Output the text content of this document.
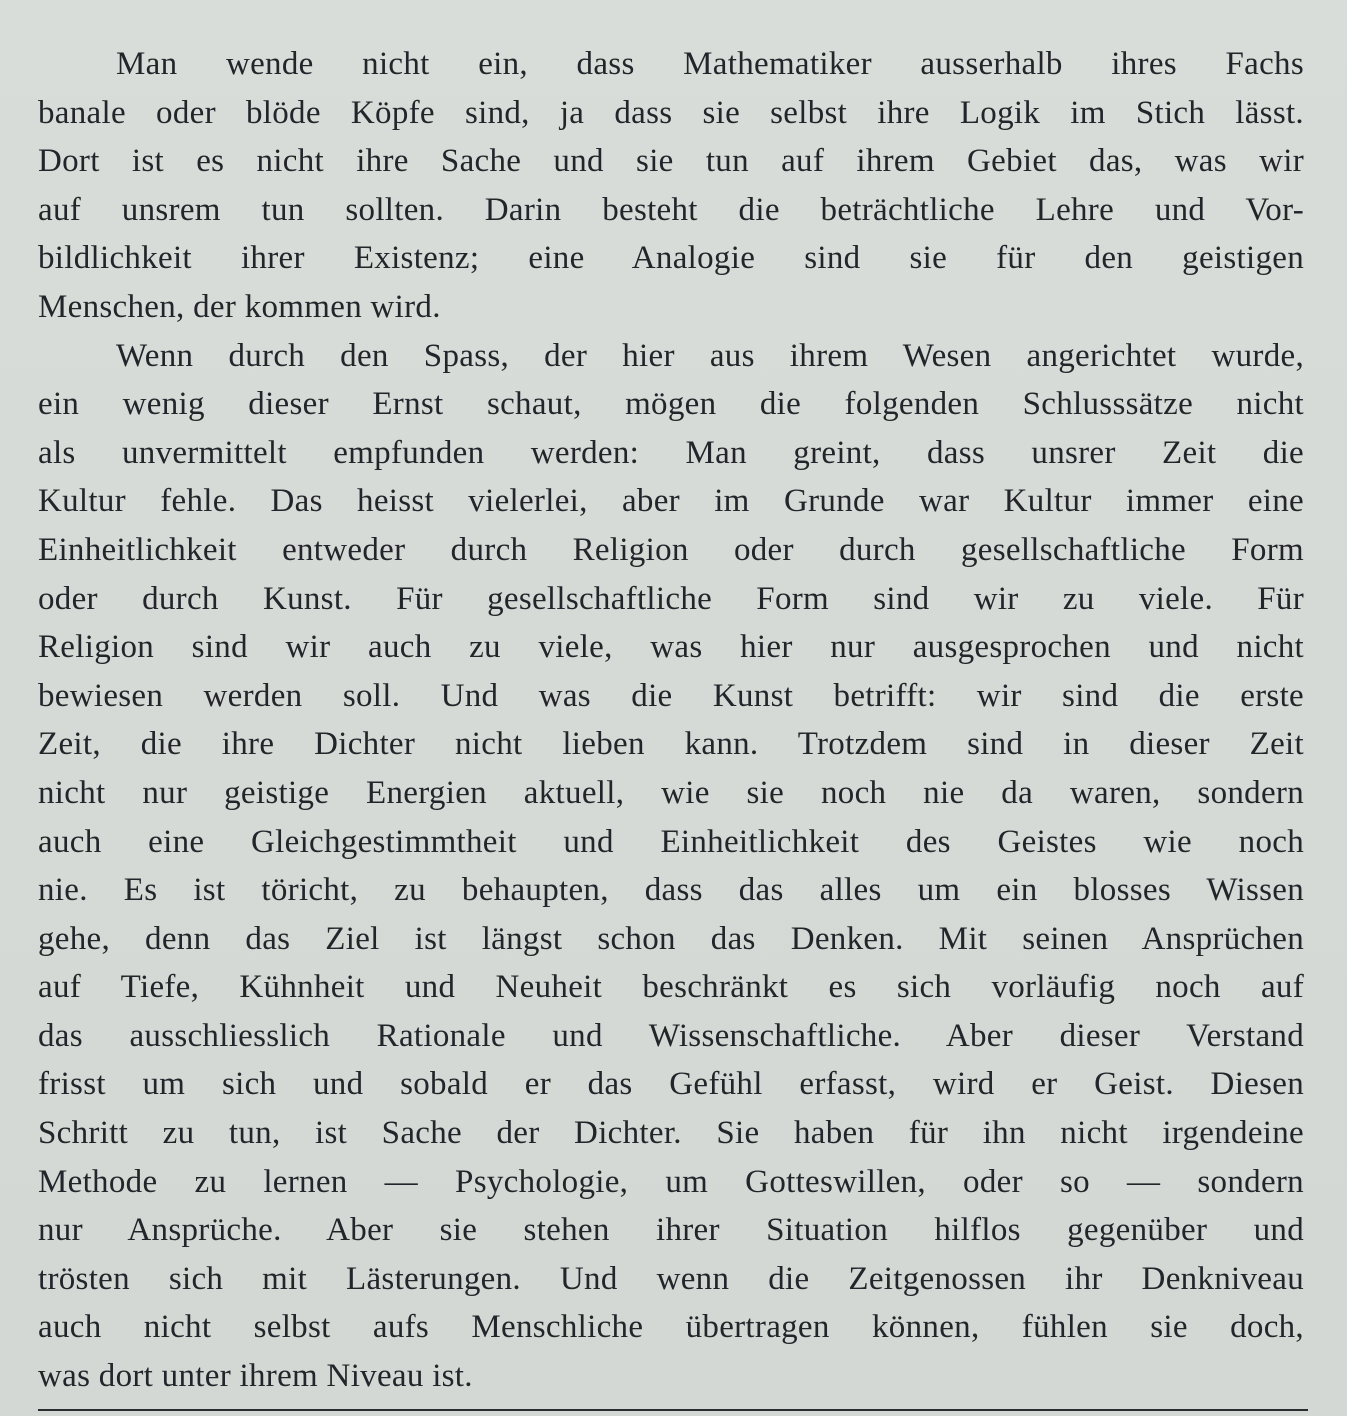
Man wende nicht ein, dass Mathematiker ausserhalb ihres Fachs
banale oder blöde Köpfe sind, ja dass sie selbst ihre Logik im Stich lässt.
Dort ist es nicht ihre Sache und sie tun auf ihrem Gebiet das, was wir
auf unsrem tun sollten. Darin besteht die beträchtliche Lehre und Vor-
bildlichkeit ihrer Existenz; eine Analogie sind sie für den geistigen
Menschen, der kommen wird.
Wenn durch den Spass, der hier aus ihrem Wesen angerichtet wurde,
ein wenig dieser Ernst schaut, mögen die folgenden Schlusssätze nicht
als unvermittelt empfunden werden: Man greint, dass unsrer Zeit die
Kultur fehle. Das heisst vielerlei, aber im Grunde war Kultur immer eine
Einheitlichkeit entweder durch Religion oder durch gesellschaftliche Form
oder durch Kunst. Für gesellschaftliche Form sind wir zu viele. Für
Religion sind wir auch zu viele, was hier nur ausgesprochen und nicht
bewiesen werden soll. Und was die Kunst betrifft: wir sind die erste
Zeit, die ihre Dichter nicht lieben kann. Trotzdem sind in dieser Zeit
nicht nur geistige Energien aktuell, wie sie noch nie da waren, sondern
auch eine Gleichgestimmtheit und Einheitlichkeit des Geistes wie noch
nie. Es ist töricht, zu behaupten, dass das alles um ein blosses Wissen
gehe, denn das Ziel ist längst schon das Denken. Mit seinen Ansprüchen
auf Tiefe, Kühnheit und Neuheit beschränkt es sich vorläufig noch auf
das ausschliesslich Rationale und Wissenschaftliche. Aber dieser Verstand
frisst um sich und sobald er das Gefühl erfasst, wird er Geist. Diesen
Schritt zu tun, ist Sache der Dichter. Sie haben für ihn nicht irgendeine
Methode zu lernen — Psychologie, um Gotteswillen, oder so — sondern
nur Ansprüche. Aber sie stehen ihrer Situation hilflos gegenüber und
trösten sich mit Lästerungen. Und wenn die Zeitgenossen ihr Denkniveau
auch nicht selbst aufs Menschliche übertragen können, fühlen sie doch,
was dort unter ihrem Niveau ist.
